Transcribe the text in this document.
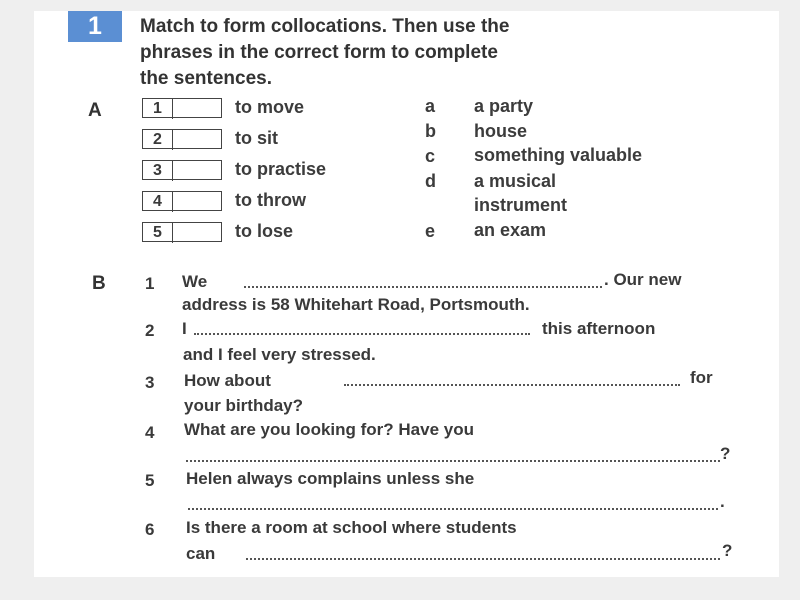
1	Match to form collocations. Then use the
phrases in the correct form to complete
the sentences.
A	1	to move
2	to sit
3	to practise
4	to throw
5	to lose
a a party
b house
c something valuable
d a musical
instrument
e an exam
B 1 We	. Our new
address is 58 Whitehart Road, Portsmouth.
2 I	this afternoon
and I feel very stressed.
3 How about	for
your birthday?
4 What are you looking for? Have you
?
5 Helen always complains unless she
.
6 Is there a room at school where students
can	?
